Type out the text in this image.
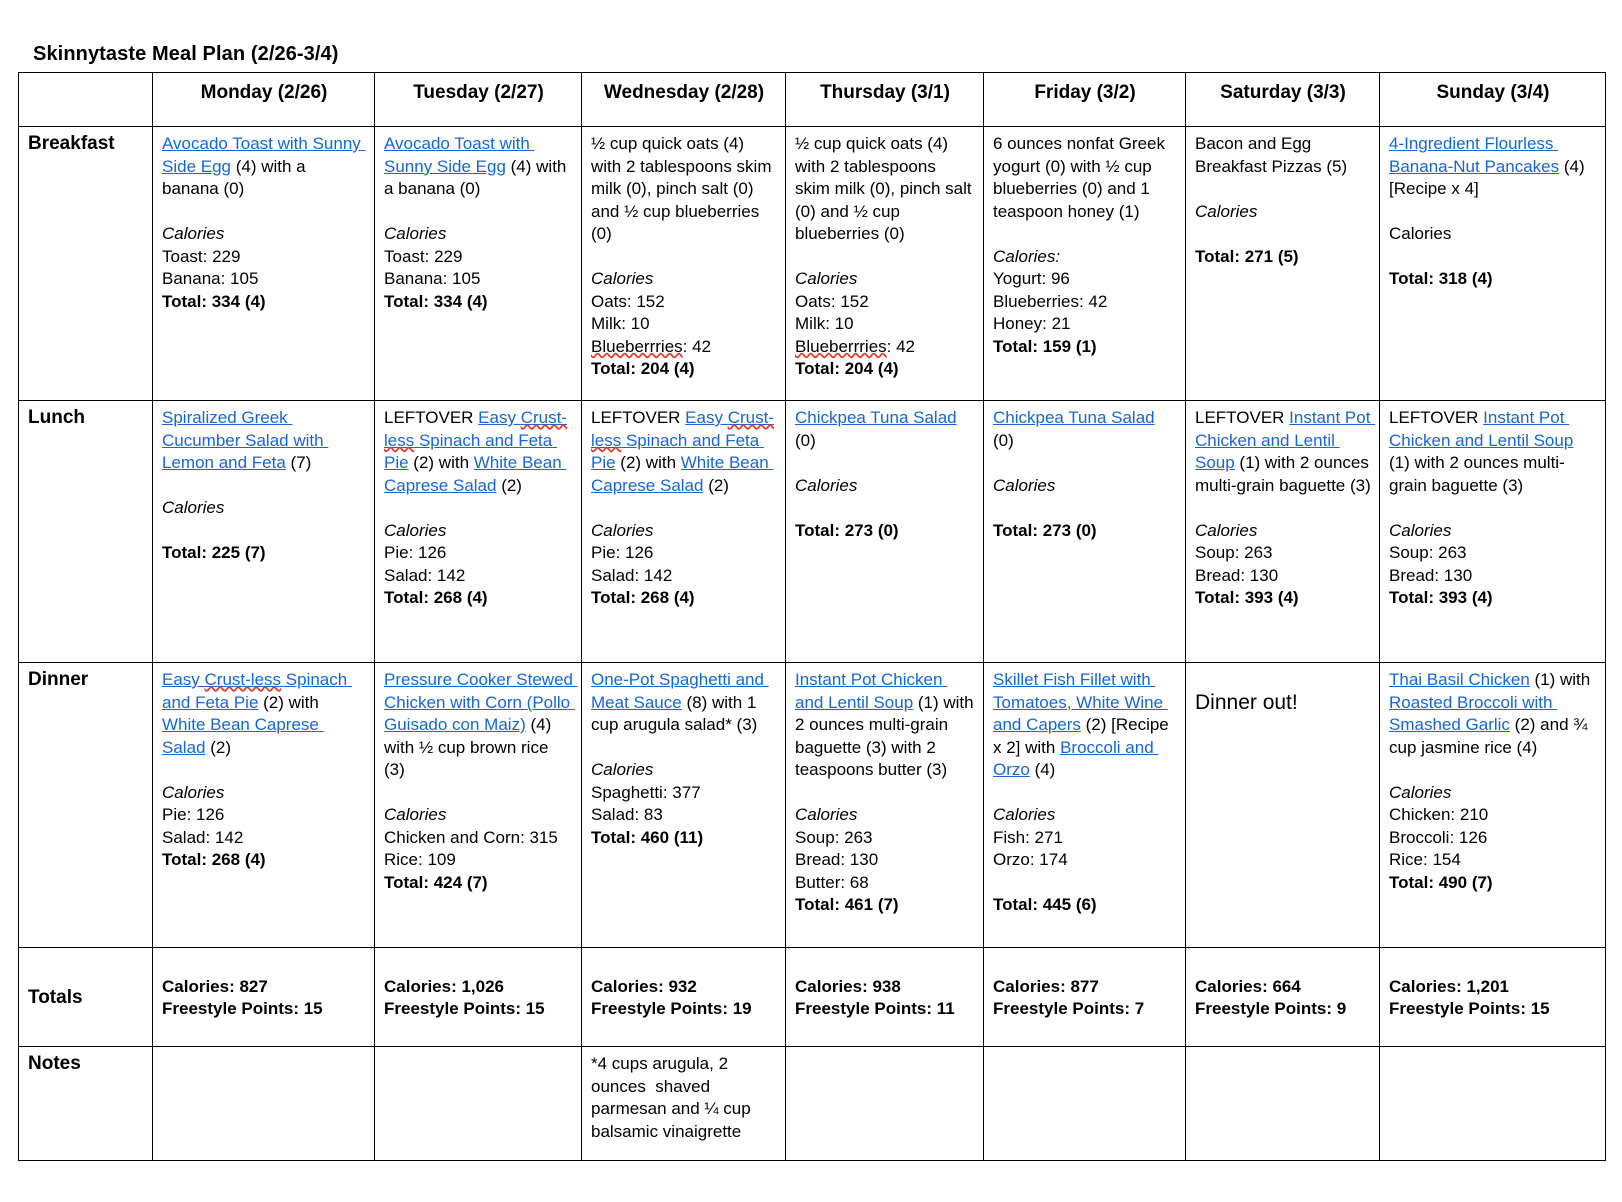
Skinnytaste Meal Plan (2/26-3/4)
	Monday (2/26)	Tuesday (2/27)	Wednesday (2/28)	Thursday (3/1)	Friday (3/2)	Saturday (3/3)	Sunday (3/4)
Breakfast	Avocado Toast with Sunny Side Egg (4) with a banana (0)
Calories
Toast: 229
Banana: 105
Total: 334 (4)

Avocado Toast with Sunny Side Egg (4) with a banana (0)
Calories
Toast: 229
Banana: 105
Total: 334 (4)

½ cup quick oats (4) with 2 tablespoons skim milk (0), pinch salt (0) and ½ cup blueberries (0)
Calories
Oats: 152
Milk: 10
Blueberrries: 42
Total: 204 (4)

½ cup quick oats (4) with 2 tablespoons skim milk (0), pinch salt (0) and ½ cup blueberries (0)
Calories
Oats: 152
Milk: 10
Blueberrries: 42
Total: 204 (4)

6 ounces nonfat Greek yogurt (0) with ½ cup blueberries (0) and 1 teaspoon honey (1)
Calories:
Yogurt: 96
Blueberries: 42
Honey: 21
Total: 159 (1)

Bacon and Egg Breakfast Pizzas (5)
Calories
Total: 271 (5)

4-Ingredient Flourless Banana-Nut Pancakes (4) [Recipe x 4]
Calories
Total: 318 (4)

Lunch	Spiralized Greek Cucumber Salad with Lemon and Feta (7)
Calories
Total: 225 (7)

LEFTOVER Easy Crust-less Spinach and Feta Pie (2) with White Bean Caprese Salad (2)
Calories
Pie: 126
Salad: 142
Total: 268 (4)

LEFTOVER Easy Crust-less Spinach and Feta Pie (2) with White Bean Caprese Salad (2)
Calories
Pie: 126
Salad: 142
Total: 268 (4)

Chickpea Tuna Salad (0)
Calories
Total: 273 (0)

Chickpea Tuna Salad (0)
Calories
Total: 273 (0)

LEFTOVER Instant Pot Chicken and Lentil Soup (1) with 2 ounces multi-grain baguette (3)
Calories
Soup: 263
Bread: 130
Total: 393 (4)

LEFTOVER Instant Pot Chicken and Lentil Soup (1) with 2 ounces multi-grain baguette (3)
Calories
Soup: 263
Bread: 130
Total: 393 (4)

Dinner	Easy Crust-less Spinach and Feta Pie (2) with White Bean Caprese Salad (2)
Calories
Pie: 126
Salad: 142
Total: 268 (4)

Pressure Cooker Stewed Chicken with Corn (Pollo Guisado con Maiz) (4) with ½ cup brown rice (3)
Calories
Chicken and Corn: 315
Rice: 109
Total: 424 (7)

One-Pot Spaghetti and Meat Sauce (8) with 1 cup arugula salad* (3)
Calories
Spaghetti: 377
Salad: 83
Total: 460 (11)

Instant Pot Chicken and Lentil Soup (1) with 2 ounces multi-grain baguette (3) with 2 teaspoons butter (3)
Calories
Soup: 263
Bread: 130
Butter: 68
Total: 461 (7)

Skillet Fish Fillet with Tomatoes, White Wine and Capers (2) [Recipe x 2] with Broccoli and Orzo (4)
Calories
Fish: 271
Orzo: 174
Total: 445 (6)

Dinner out!

Thai Basil Chicken (1) with Roasted Broccoli with Smashed Garlic (2) and ¾ cup jasmine rice (4)
Calories
Chicken: 210
Broccoli: 126
Rice: 154
Total: 490 (7)

Totals	
Calories: 827
Freestyle Points: 15

Calories: 1,026
Freestyle Points: 15

Calories: 932
Freestyle Points: 19

Calories: 938
Freestyle Points: 11

Calories: 877
Freestyle Points: 7

Calories: 664
Freestyle Points: 9

Calories: 1,201
Freestyle Points: 15

Notes			*4 cups arugula, 2 ounces  shaved parmesan and ¼ cup balsamic vinaigrette				
